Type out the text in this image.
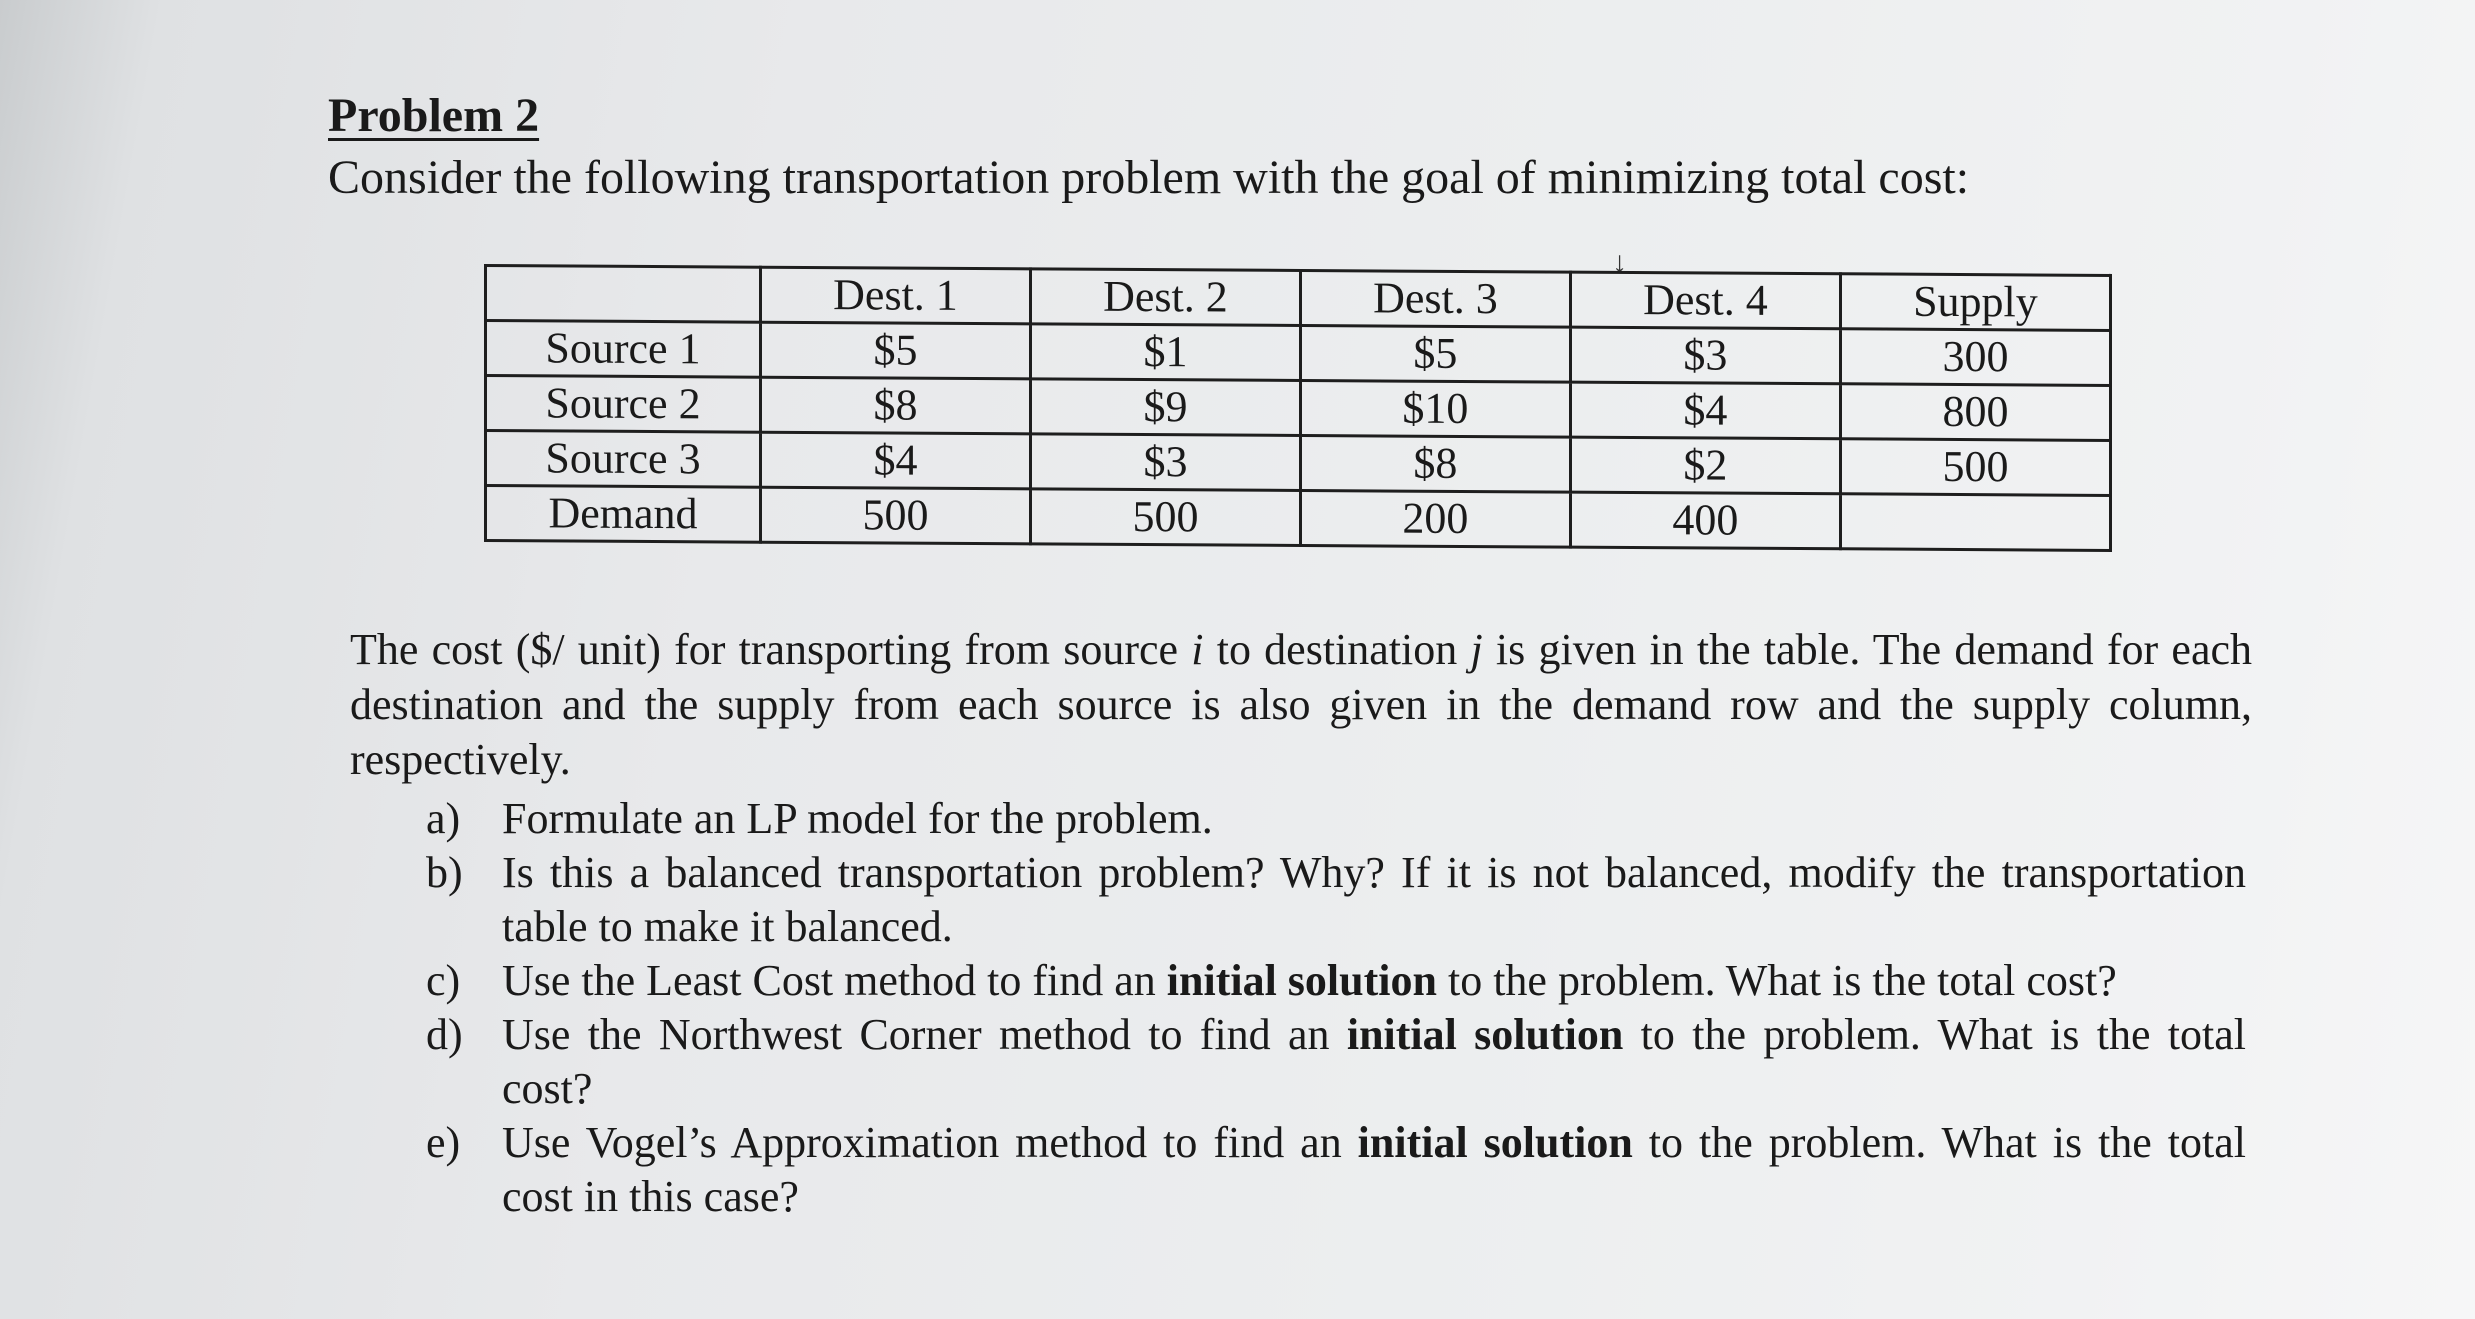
Problem 2
Consider the following transportation problem with the goal of minimizing total cost:
↓
	Dest. 1	Dest. 2	Dest. 3	Dest. 4	Supply
Source 1	$5	$1	$5	$3	300
Source 2	$8	$9	$10	$4	800
Source 3	$4	$3	$8	$2	500
Demand	500	500	200	400	
The cost ($/ unit) for transporting from source i to destination j is given in the table. The demand for each destination and the supply from each source is also given in the demand row and the supply column, respectively.
a) Formulate an LP model for the problem.
b) Is this a balanced transportation problem? Why? If it is not balanced, modify the transportation table to make it balanced.
c) Use the Least Cost method to find an initial solution to the problem. What is the total cost?
d) Use the Northwest Corner method to find an initial solution to the problem. What is the total cost?
e) Use Vogel’s Approximation method to find an initial solution to the problem. What is the total cost in this case?
